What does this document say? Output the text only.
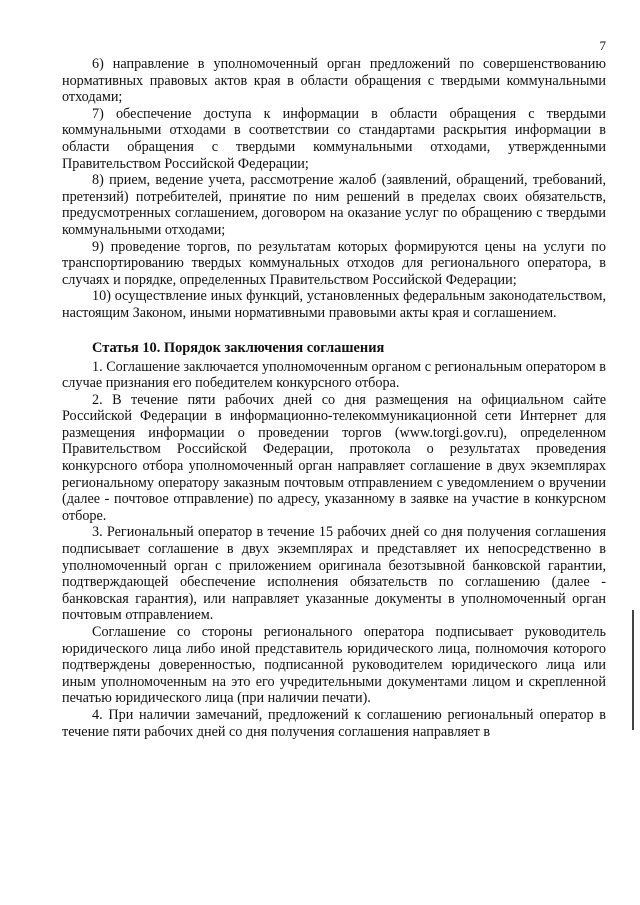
7

6) направление в уполномоченный орган предложений по совершенствованию нормативных правовых актов края в области обращения с твердыми коммунальными отходами;

7) обеспечение доступа к информации в области обращения с твердыми коммунальными отходами в соответствии со стандартами раскрытия информации в области обращения с твердыми коммунальными отходами, утвержденными Правительством Российской Федерации;

8) прием, ведение учета, рассмотрение жалоб (заявлений, обращений, требований, претензий) потребителей, принятие по ним решений в пределах своих обязательств, предусмотренных соглашением, договором на оказание услуг по обращению с твердыми коммунальными отходами;

9) проведение торгов, по результатам которых формируются цены на услуги по транспортированию твердых коммунальных отходов для регионального оператора, в случаях и порядке, определенных Правительством Российской Федерации;

10) осуществление иных функций, установленных федеральным законодательством, настоящим Законом, иными нормативными правовыми акты края и соглашением.

Статья 10. Порядок заключения соглашения

1. Соглашение заключается уполномоченным органом с региональным оператором в случае признания его победителем конкурсного отбора.

2. В течение пяти рабочих дней со дня размещения на официальном сайте Российской Федерации в информационно-телекоммуникационной сети Интернет для размещения информации о проведении торгов (www.torgi.gov.ru), определенном Правительством Российской Федерации, протокола о результатах проведения конкурсного отбора уполномоченный орган направляет соглашение в двух экземплярах региональному оператору заказным почтовым отправлением с уведомлением о вручении (далее - почтовое отправление) по адресу, указанному в заявке на участие в конкурсном отборе.

3. Региональный оператор в течение 15 рабочих дней со дня получения соглашения подписывает соглашение в двух экземплярах и представляет их непосредственно в уполномоченный орган с приложением оригинала безотзывной банковской гарантии, подтверждающей обеспечение исполнения обязательств по соглашению (далее - банковская гарантия), или направляет указанные документы в уполномоченный орган почтовым отправлением.

Соглашение со стороны регионального оператора подписывает руководитель юридического лица либо иной представитель юридического лица, полномочия которого подтверждены доверенностью, подписанной руководителем юридического лица или иным уполномоченным на это его учредительными документами лицом и скрепленной печатью юридического лица (при наличии печати).

4. При наличии замечаний, предложений к соглашению региональный оператор в течение пяти рабочих дней со дня получения соглашения направляет в
